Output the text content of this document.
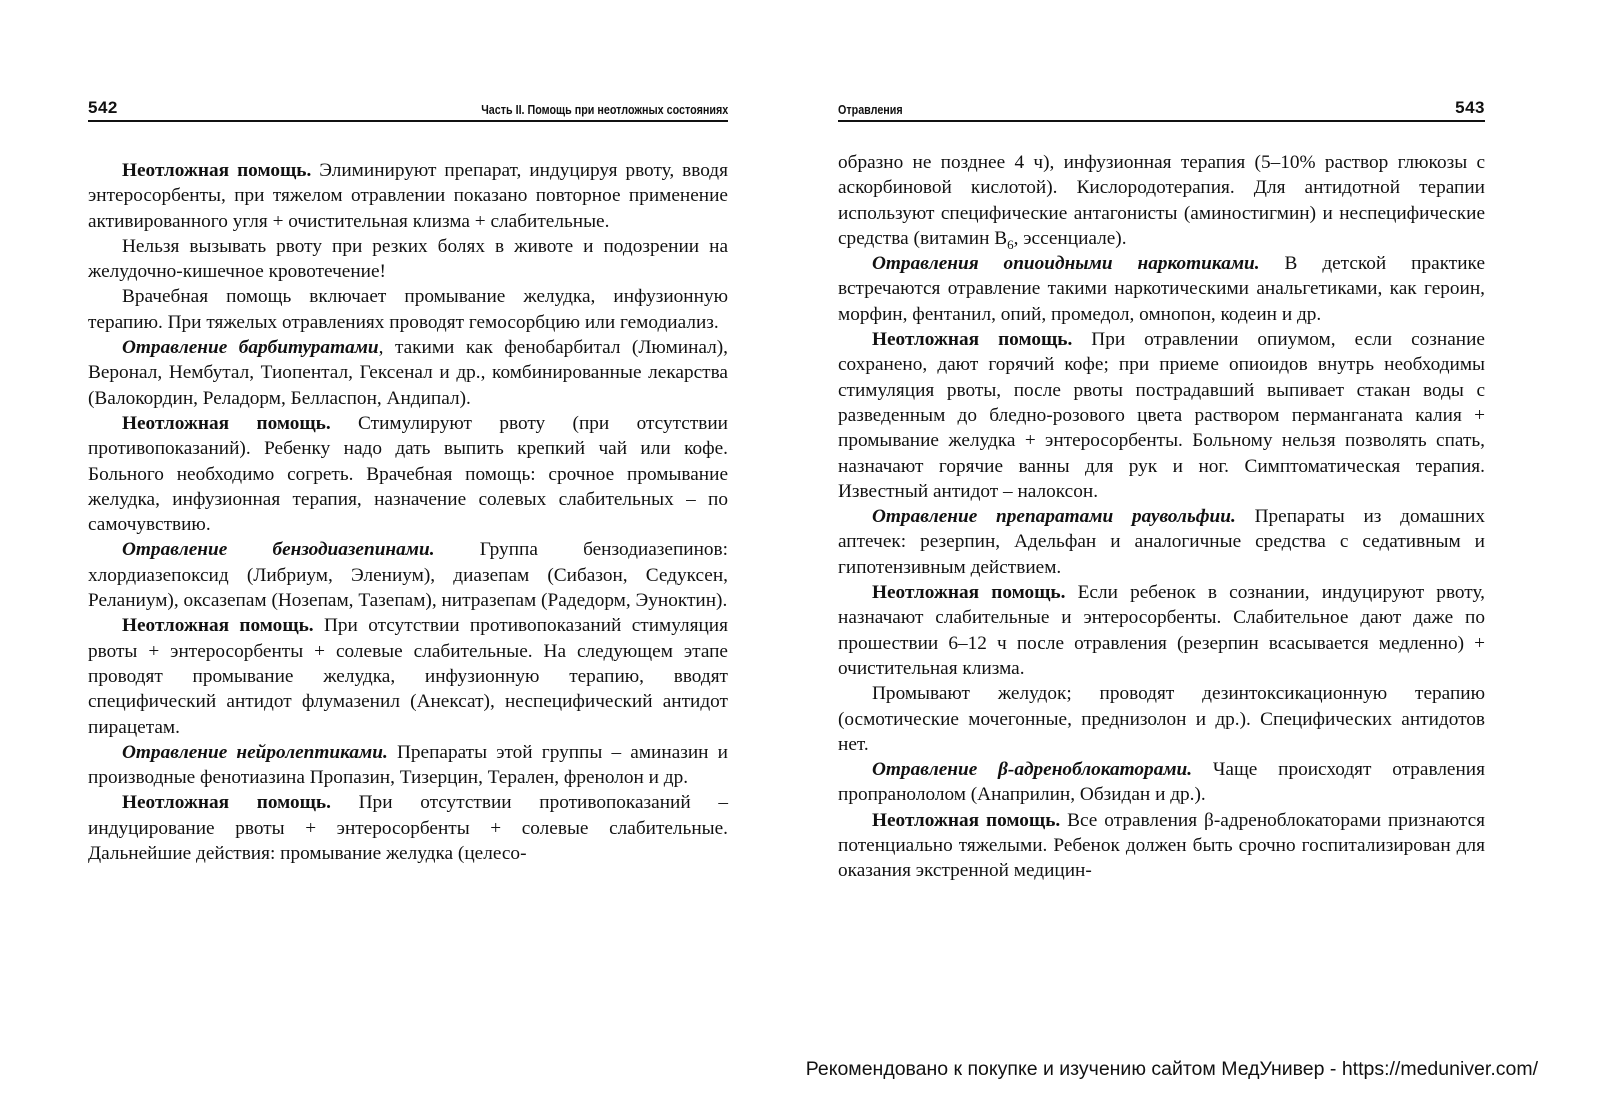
542	Часть II. Помощь при неотложных состояниях

Неотложная помощь. Элиминируют препарат, индуцируя рвоту, вводя энтеросорбенты, при тяжелом отравлении показано повторное применение активированного угля + очистительная клизма + слабительные.

Нельзя вызывать рвоту при резких болях в животе и подозрении на желудочно-кишечное кровотечение!

Врачебная помощь включает промывание желудка, инфузионную терапию. При тяжелых отравлениях проводят гемосорбцию или гемодиализ.

Отравление барбитуратами, такими как фенобарбитал (Люминал), Веронал, Нембутал, Тиопентал, Гексенал и др., комбинированные лекарства (Валокордин, Реладорм, Белласпон, Андипал).

Неотложная помощь. Стимулируют рвоту (при отсутствии противопоказаний). Ребенку надо дать выпить крепкий чай или кофе. Больного необходимо согреть. Врачебная помощь: срочное промывание желудка, инфузионная терапия, назначение солевых слабительных – по самочувствию.

Отравление бензодиазепинами. Группа бензодиазепинов: хлордиазепоксид (Либриум, Элениум), диазепам (Сибазон, Седуксен, Реланиум), оксазепам (Нозепам, Тазепам), нитразепам (Радедорм, Эуноктин).

Неотложная помощь. При отсутствии противопоказаний стимуляция рвоты + энтеросорбенты + солевые слабительные. На следующем этапе проводят промывание желудка, инфузионную терапию, вводят специфический антидот флумазенил (Анексат), неспецифический антидот пирацетам.

Отравление нейролептиками. Препараты этой группы – аминазин и производные фенотиазина Пропазин, Тизерцин, Терален, френолон и др.

Неотложная помощь. При отсутствии противопоказаний – индуцирование рвоты + энтеросорбенты + солевые слабительные. Дальнейшие действия: промывание желудка (целесо-

Отравления	543

образно не позднее 4 ч), инфузионная терапия (5–10% раствор глюкозы с аскорбиновой кислотой). Кислородотерапия. Для антидотной терапии используют специфические антагонисты (аминостигмин) и неспецифические средства (витамин $B_6$, эссенциале).

Отравления опиоидными наркотиками. В детской практике встречаются отравление такими наркотическими анальгетиками, как героин, морфин, фентанил, опий, промедол, омнопон, кодеин и др.

Неотложная помощь. При отравлении опиумом, если сознание сохранено, дают горячий кофе; при приеме опиоидов внутрь необходимы стимуляция рвоты, после рвоты пострадавший выпивает стакан воды с разведенным до бледно-розового цвета раствором перманганата калия + промывание желудка + энтеросорбенты. Больному нельзя позволять спать, назначают горячие ванны для рук и ног. Симптоматическая терапия. Известный антидот – налоксон.

Отравление препаратами раувольфии. Препараты из домашних аптечек: резерпин, Адельфан и аналогичные средства с седативным и гипотензивным действием.

Неотложная помощь. Если ребенок в сознании, индуцируют рвоту, назначают слабительные и энтеросорбенты. Слабительное дают даже по прошествии 6–12 ч после отравления (резерпин всасывается медленно) + очистительная клизма.

Промывают желудок; проводят дезинтоксикационную терапию (осмотические мочегонные, преднизолон и др.). Специфических антидотов нет.

Отравление β-адреноблокаторами. Чаще происходят отравления пропранололом (Анаприлин, Обзидан и др.).

Неотложная помощь. Все отравления β-адреноблокаторами признаются потенциально тяжелыми. Ребенок должен быть срочно госпитализирован для оказания экстренной медицин-

Рекомендовано к покупке и изучению сайтом МедУнивер - https://meduniver.com/
